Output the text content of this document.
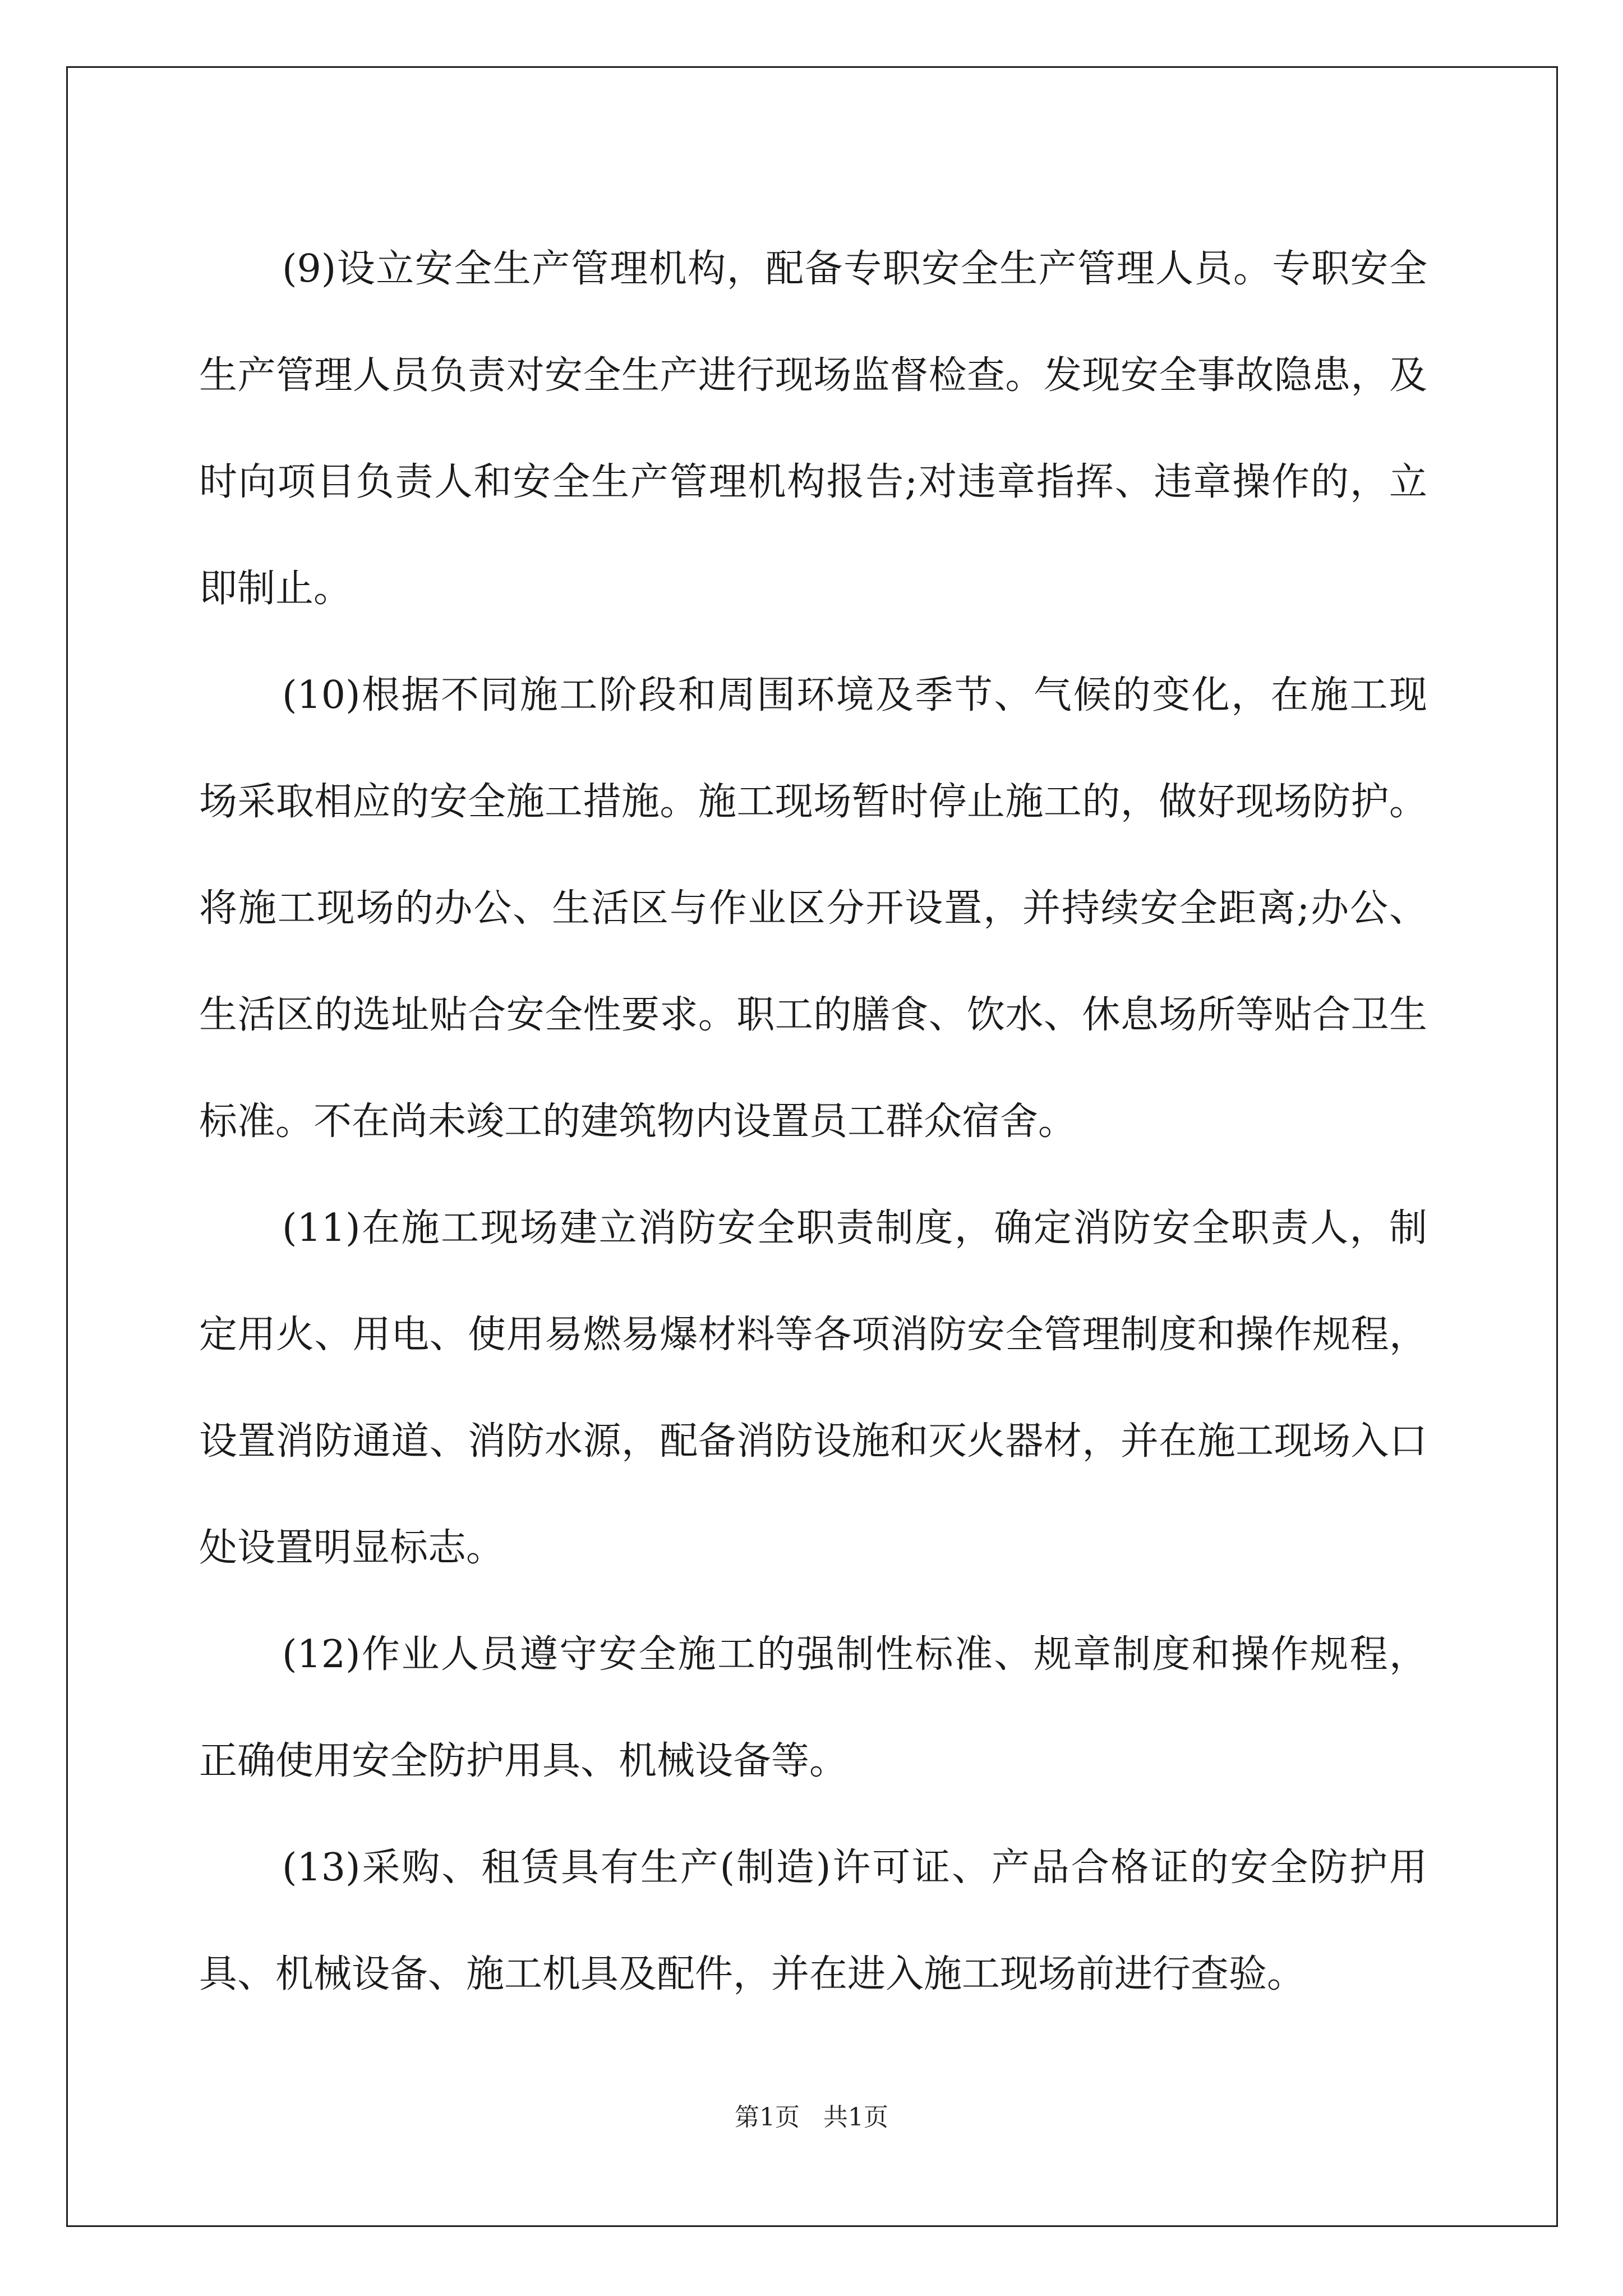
(9)设立安全生产管理机构，配备专职安全生产管理人员。专职安全生产管理人员负责对安全生产进行现场监督检查。发现安全事故隐患，及时向项目负责人和安全生产管理机构报告;对违章指挥、违章操作的，立即制止。

(10)根据不同施工阶段和周围环境及季节、气候的变化，在施工现场采取相应的安全施工措施。施工现场暂时停止施工的，做好现场防护。将施工现场的办公、生活区与作业区分开设置，并持续安全距离;办公、生活区的选址贴合安全性要求。职工的膳食、饮水、休息场所等贴合卫生标准。不在尚未竣工的建筑物内设置员工群众宿舍。

(11)在施工现场建立消防安全职责制度，确定消防安全职责人，制定用火、用电、使用易燃易爆材料等各项消防安全管理制度和操作规程，设置消防通道、消防水源，配备消防设施和灭火器材，并在施工现场入口处设置明显标志。

(12)作业人员遵守安全施工的强制性标准、规章制度和操作规程，正确使用安全防护用具、机械设备等。

(13)采购、租赁具有生产(制造)许可证、产品合格证的安全防护用具、机械设备、施工机具及配件，并在进入施工现场前进行查验。

第1页   共1页
